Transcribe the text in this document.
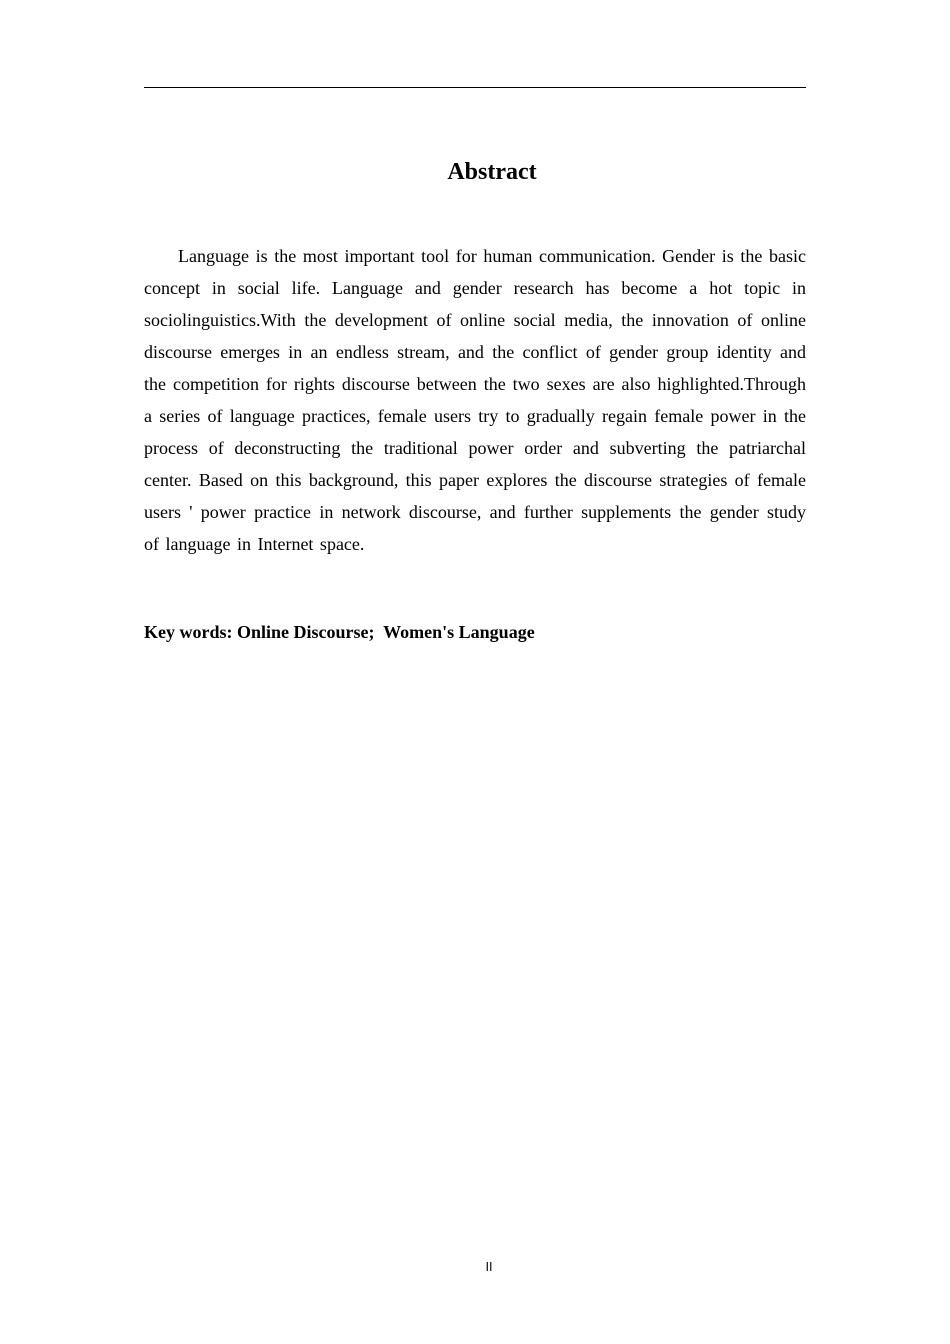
Abstract

Language is the most important tool for human communication. Gender is the basic concept in social life. Language and gender research has become a hot topic in sociolinguistics.With the development of online social media, the innovation of online discourse emerges in an endless stream, and the conflict of gender group identity and the competition for rights discourse between the two sexes are also highlighted.Through a series of language practices, female users try to gradually regain female power in the process of deconstructing the traditional power order and subverting the patriarchal center. Based on this background, this paper explores the discourse strategies of female users ' power practice in network discourse, and further supplements the gender study of language in Internet space.

Key words: Online Discourse;  Women's Language

II
